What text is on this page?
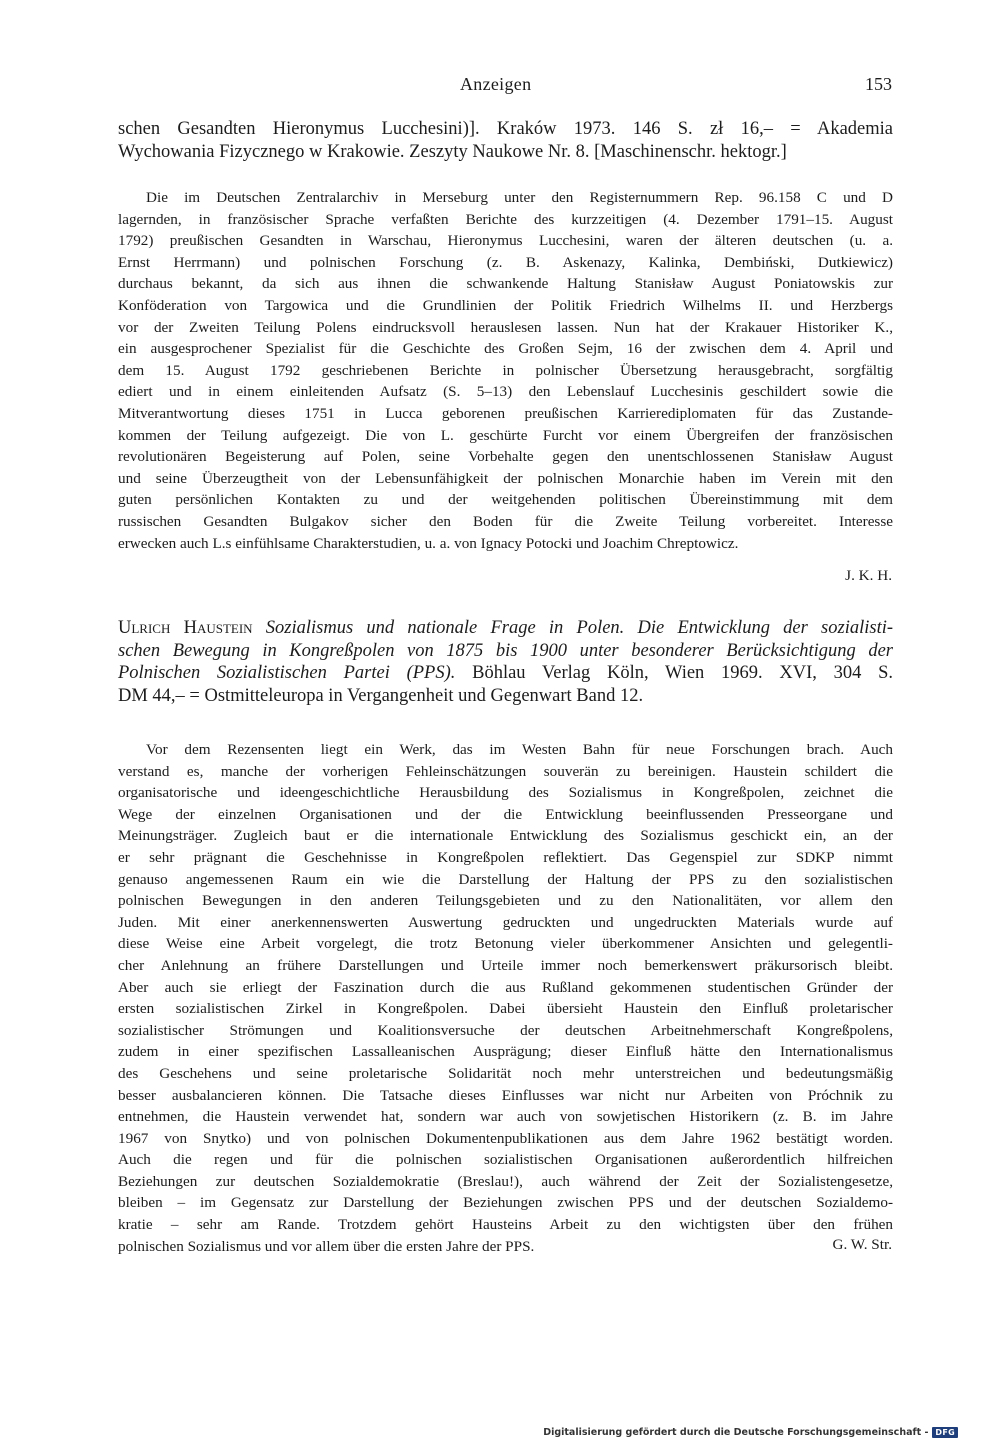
Anzeigen	153
schen Gesandten Hieronymus Lucchesini)]. Kraków 1973. 146 S. zł 16,– = Akademia
Wychowania Fizycznego w Krakowie. Zeszyty Naukowe Nr. 8. [Maschinenschr. hektogr.]
Die im Deutschen Zentralarchiv in Merseburg unter den Registernummern Rep. 96.158 C und D
lagernden, in französischer Sprache verfaßten Berichte des kurzzeitigen (4. Dezember 1791–15. August
1792) preußischen Gesandten in Warschau, Hieronymus Lucchesini, waren der älteren deutschen (u. a.
Ernst Herrmann) und polnischen Forschung (z. B. Askenazy, Kalinka, Dembiński, Dutkiewicz)
durchaus bekannt, da sich aus ihnen die schwankende Haltung Stanisław August Poniatowskis zur
Konföderation von Targowica und die Grundlinien der Politik Friedrich Wilhelms II. und Herzbergs
vor der Zweiten Teilung Polens eindrucksvoll herauslesen lassen. Nun hat der Krakauer Historiker K.,
ein ausgesprochener Spezialist für die Geschichte des Großen Sejm, 16 der zwischen dem 4. April und
dem 15. August 1792 geschriebenen Berichte in polnischer Übersetzung herausgebracht, sorgfältig
ediert und in einem einleitenden Aufsatz (S. 5–13) den Lebenslauf Lucchesinis geschildert sowie die
Mitverantwortung dieses 1751 in Lucca geborenen preußischen Karrierediplomaten für das Zustande-
kommen der Teilung aufgezeigt. Die von L. geschürte Furcht vor einem Übergreifen der französischen
revolutionären Begeisterung auf Polen, seine Vorbehalte gegen den unentschlossenen Stanisław August
und seine Überzeugtheit von der Lebensunfähigkeit der polnischen Monarchie haben im Verein mit den
guten persönlichen Kontakten zu und der weitgehenden politischen Übereinstimmung mit dem
russischen Gesandten Bulgakov sicher den Boden für die Zweite Teilung vorbereitet. Interesse
erwecken auch L.s einfühlsame Charakterstudien, u. a. von Ignacy Potocki und Joachim Chreptowicz.
J. K. H.
Ulrich Haustein Sozialismus und nationale Frage in Polen. Die Entwicklung der sozialisti-
schen Bewegung in Kongreßpolen von 1875 bis 1900 unter besonderer Berücksichtigung der
Polnischen Sozialistischen Partei (PPS). Böhlau Verlag Köln, Wien 1969. XVI, 304 S.
DM 44,– = Ostmitteleuropa in Vergangenheit und Gegenwart Band 12.
Vor dem Rezensenten liegt ein Werk, das im Westen Bahn für neue Forschungen brach. Auch
verstand es, manche der vorherigen Fehleinschätzungen souverän zu bereinigen. Haustein schildert die
organisatorische und ideengeschichtliche Herausbildung des Sozialismus in Kongreßpolen, zeichnet die
Wege der einzelnen Organisationen und der die Entwicklung beeinflussenden Presseorgane und
Meinungsträger. Zugleich baut er die internationale Entwicklung des Sozialismus geschickt ein, an der
er sehr prägnant die Geschehnisse in Kongreßpolen reflektiert. Das Gegenspiel zur SDKP nimmt
genauso angemessenen Raum ein wie die Darstellung der Haltung der PPS zu den sozialistischen
polnischen Bewegungen in den anderen Teilungsgebieten und zu den Nationalitäten, vor allem den
Juden. Mit einer anerkennenswerten Auswertung gedruckten und ungedruckten Materials wurde auf
diese Weise eine Arbeit vorgelegt, die trotz Betonung vieler überkommener Ansichten und gelegentli-
cher Anlehnung an frühere Darstellungen und Urteile immer noch bemerkenswert präkursorisch bleibt.
Aber auch sie erliegt der Faszination durch die aus Rußland gekommenen studentischen Gründer der
ersten sozialistischen Zirkel in Kongreßpolen. Dabei übersieht Haustein den Einfluß proletarischer
sozialistischer Strömungen und Koalitionsversuche der deutschen Arbeitnehmerschaft Kongreßpolens,
zudem in einer spezifischen Lassalleanischen Ausprägung; dieser Einfluß hätte den Internationalismus
des Geschehens und seine proletarische Solidarität noch mehr unterstreichen und bedeutungsmäßig
besser ausbalancieren können. Die Tatsache dieses Einflusses war nicht nur Arbeiten von Próchnik zu
entnehmen, die Haustein verwendet hat, sondern war auch von sowjetischen Historikern (z. B. im Jahre
1967 von Snytko) und von polnischen Dokumentenpublikationen aus dem Jahre 1962 bestätigt worden.
Auch die regen und für die polnischen sozialistischen Organisationen außerordentlich hilfreichen
Beziehungen zur deutschen Sozialdemokratie (Breslau!), auch während der Zeit der Sozialistengesetze,
bleiben – im Gegensatz zur Darstellung der Beziehungen zwischen PPS und der deutschen Sozialdemo-
kratie – sehr am Rande. Trotzdem gehört Hausteins Arbeit zu den wichtigsten über den frühen
polnischen Sozialismus und vor allem über die ersten Jahre der PPS.	G. W. Str.
Digitalisierung gefördert durch die Deutsche Forschungsgemeinschaft - DFG
